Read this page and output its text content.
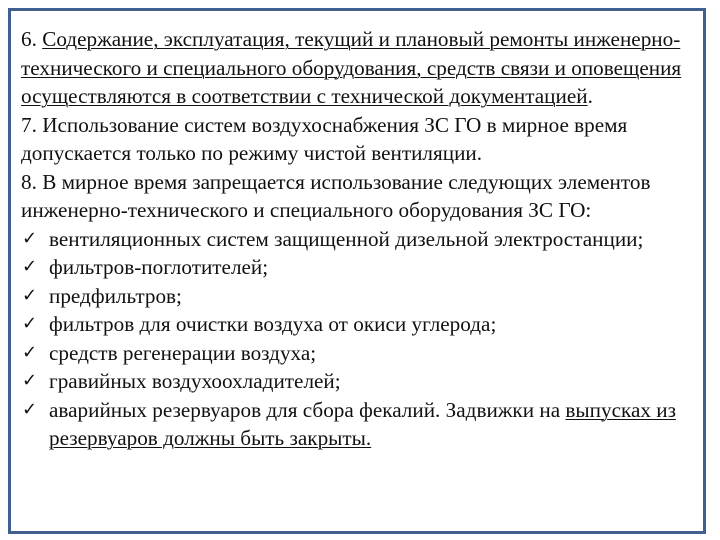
6. Содержание, эксплуатация, текущий и плановый ремонты инженерно-технического и специального оборудования, средств связи и оповещения осуществляются в соответствии с технической документацией.

7. Использование систем воздухоснабжения ЗС ГО в мирное время допускается только по режиму чистой вентиляции.

8. В мирное время запрещается использование следующих элементов инженерно-технического и специального оборудования ЗС ГО:

✓ вентиляционных систем защищенной дизельной электростанции;
✓ фильтров-поглотителей;
✓ предфильтров;
✓ фильтров для очистки воздуха от окиси углерода;
✓ средств регенерации воздуха;
✓ гравийных воздухоохладителей;
✓ аварийных резервуаров для сбора фекалий. Задвижки на выпусках из резервуаров должны быть закрыты.
